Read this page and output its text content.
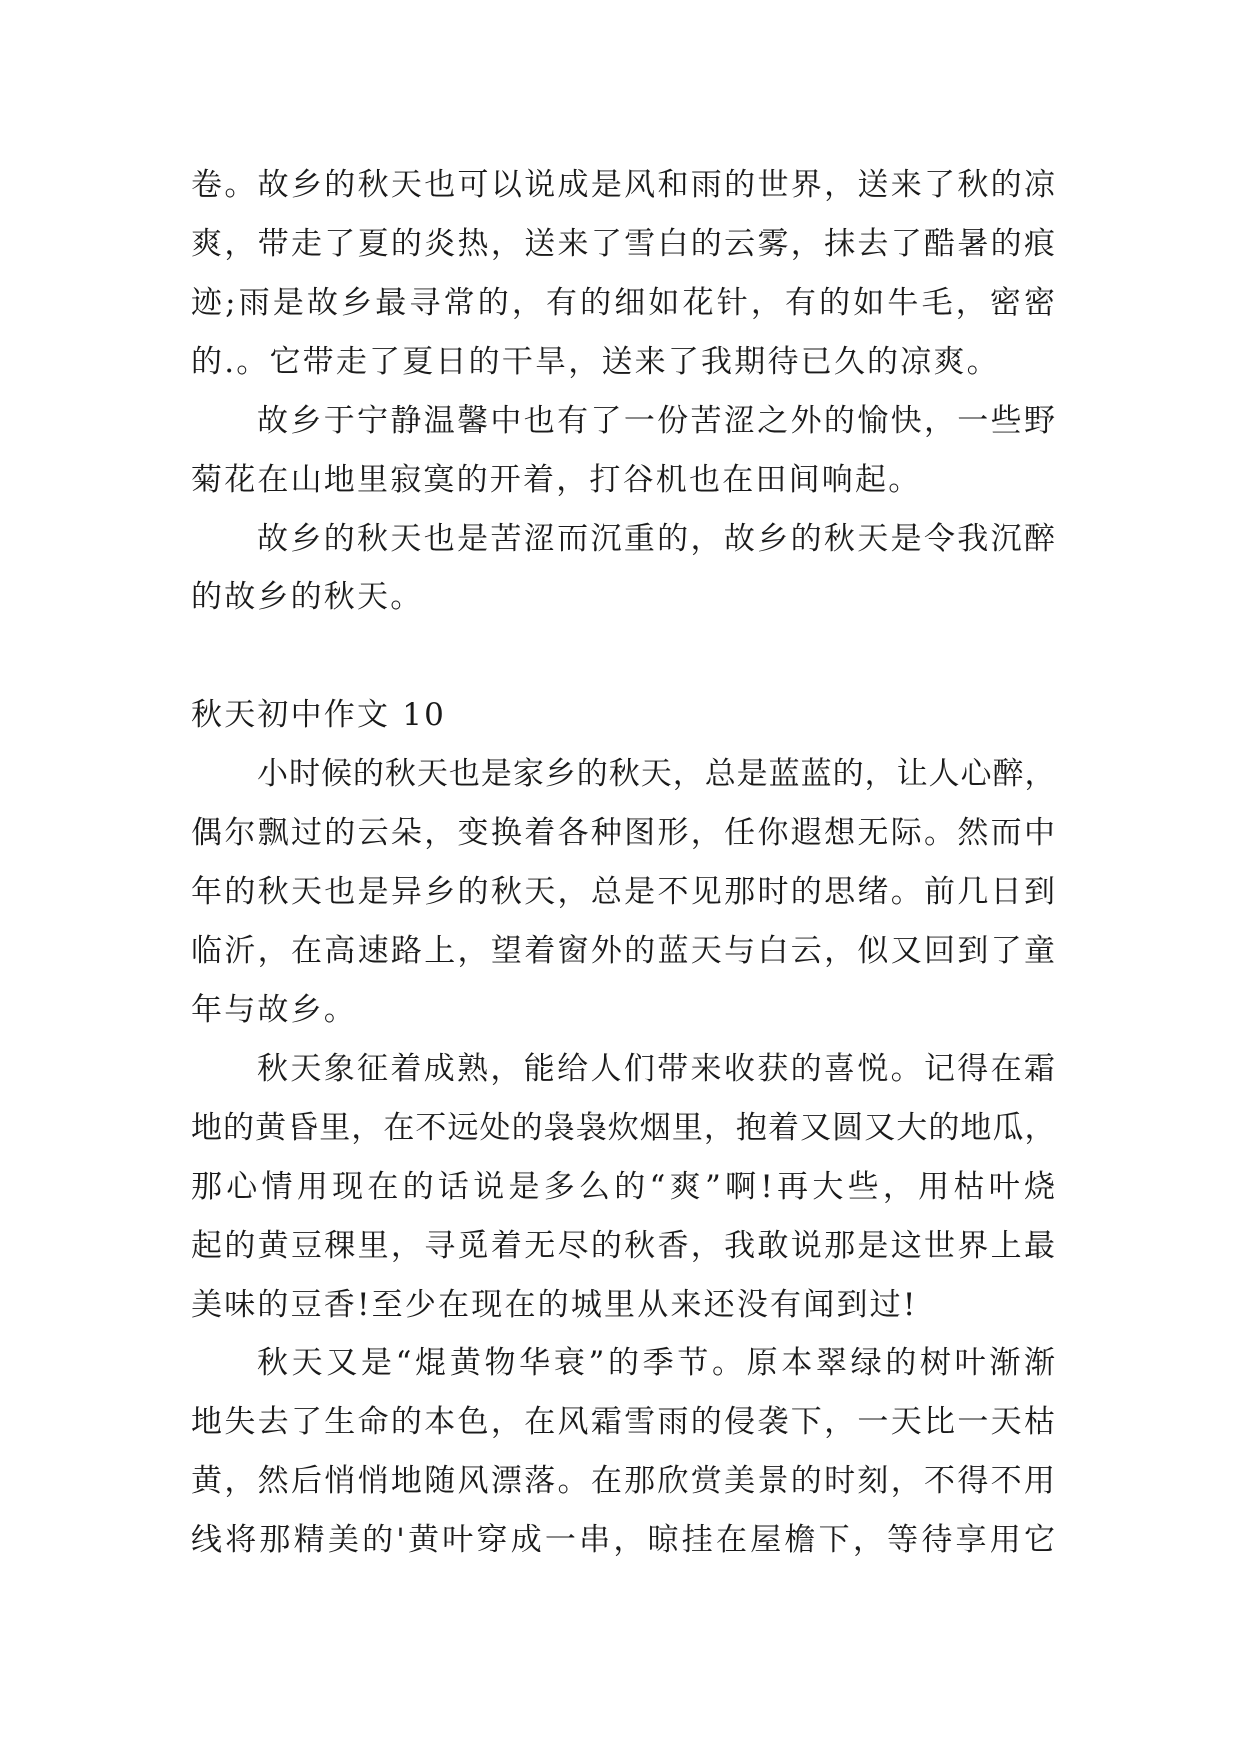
卷。故乡的秋天也可以说成是风和雨的世界，送来了秋的凉
爽，带走了夏的炎热，送来了雪白的云雾，抹去了酷暑的痕
迹;雨是故乡最寻常的，有的细如花针，有的如牛毛，密密
的.。它带走了夏日的干旱，送来了我期待已久的凉爽。
故乡于宁静温馨中也有了一份苦涩之外的愉快，一些野
菊花在山地里寂寞的开着，打谷机也在田间响起。
故乡的秋天也是苦涩而沉重的，故乡的秋天是令我沉醉
的故乡的秋天。
秋天初中作文 10
小时候的秋天也是家乡的秋天，总是蓝蓝的，让人心醉，
偶尔飘过的云朵，变换着各种图形，任你遐想无际。然而中
年的秋天也是异乡的秋天，总是不见那时的思绪。前几日到
临沂，在高速路上，望着窗外的蓝天与白云，似又回到了童
年与故乡。
秋天象征着成熟，能给人们带来收获的喜悦。记得在霜
地的黄昏里，在不远处的袅袅炊烟里，抱着又圆又大的地瓜，
那心情用现在的话说是多么的“爽”啊!再大些，用枯叶烧
起的黄豆稞里，寻觅着无尽的秋香，我敢说那是这世界上最
美味的豆香!至少在现在的城里从来还没有闻到过!
秋天又是“焜黄物华衰”的季节。原本翠绿的树叶渐渐
地失去了生命的本色，在风霜雪雨的侵袭下，一天比一天枯
黄，然后悄悄地随风漂落。在那欣赏美景的时刻，不得不用
线将那精美的'黄叶穿成一串，晾挂在屋檐下，等待享用它
